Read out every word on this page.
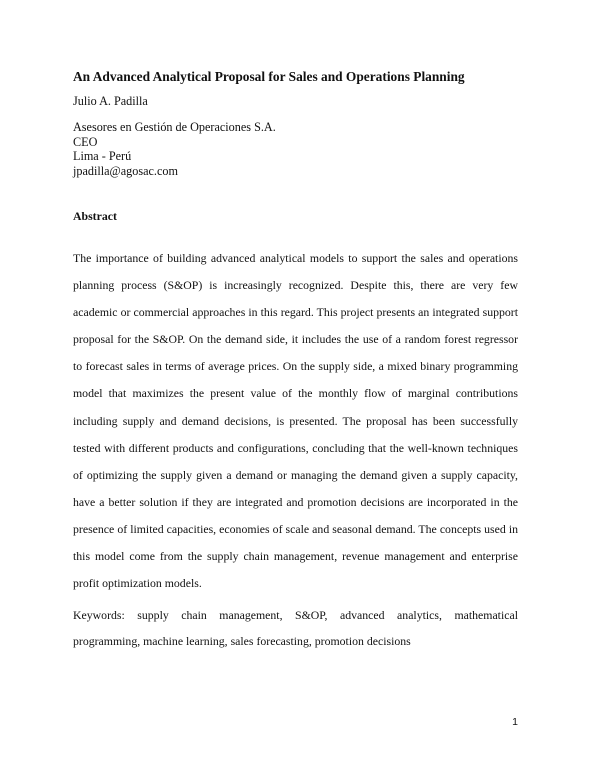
An Advanced Analytical Proposal for Sales and Operations Planning
Julio A. Padilla
Asesores en Gestión de Operaciones S.A.
CEO
Lima - Perú
jpadilla@agosac.com
Abstract
The importance of building advanced analytical models to support the sales and operations planning process (S&OP) is increasingly recognized. Despite this, there are very few academic or commercial approaches in this regard. This project presents an integrated support proposal for the S&OP. On the demand side, it includes the use of a random forest regressor to forecast sales in terms of average prices. On the supply side, a mixed binary programming model that maximizes the present value of the monthly flow of marginal contributions including supply and demand decisions, is presented. The proposal has been successfully tested with different products and configurations, concluding that the well-known techniques of optimizing the supply given a demand or managing the demand given a supply capacity, have a better solution if they are integrated and promotion decisions are incorporated in the presence of limited capacities, economies of scale and seasonal demand. The concepts used in this model come from the supply chain management, revenue management and enterprise profit optimization models.
Keywords: supply chain management, S&OP, advanced analytics, mathematical programming, machine learning, sales forecasting, promotion decisions
1
